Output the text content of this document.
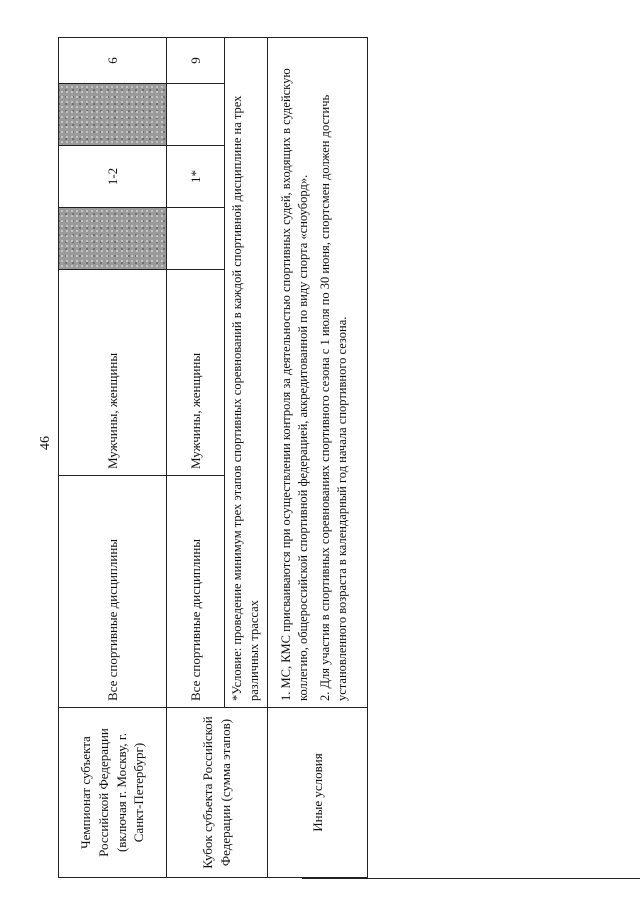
46
Чемпионат субъекта Российской Федерации (включая г. Москву, г. Санкт-Петербург)	Все спортивные дисциплины	Мужчины, женщины		1-2		6
Кубок субъекта Российской Федерации (сумма этапов)	Все спортивные дисциплины	Мужчины, женщины		1*		9
	*Условие: проведение минимум трех этапов спортивных соревнований в каждой спортивной дисциплине на трех различных трассах					
Иные условия	1. МС, КМС присваиваются при осуществлении контроля за деятельностью спортивных судей, входящих в судейскую коллегию, общероссийской спортивной федерацией, аккредитованной по виду спорта «сноуборд». 2. Для участия в спортивных соревнованиях спортивного сезона с 1 июля по 30 июня, спортсмен должен достичь установленного возраста в календарный год начала спортивного сезона.					
